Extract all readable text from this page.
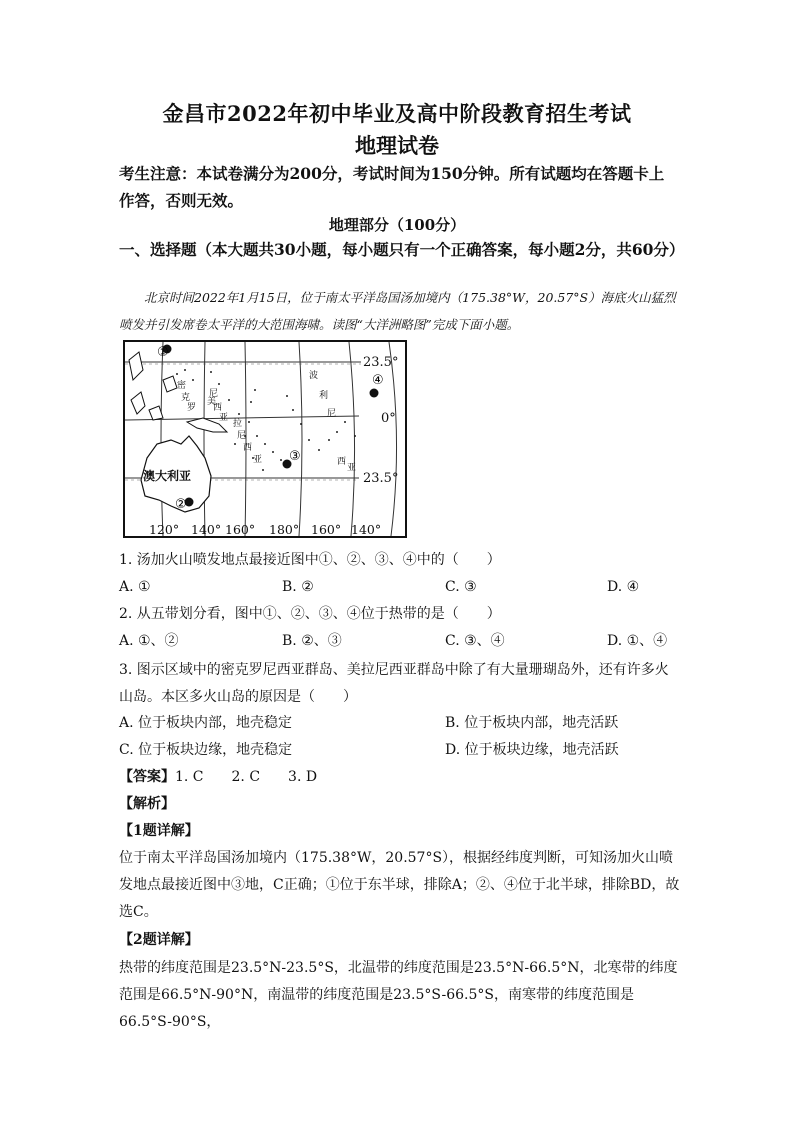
金昌市2022年初中毕业及高中阶段教育招生考试
地理试卷
考生注意：本试卷满分为200分，考试时间为150分钟。所有试题均在答题卡上作答，否则无效。
地理部分（100分）
一、选择题（本大题共30小题，每小题只有一个正确答案，每小题2分，共60分）
北京时间2022年1月15日，位于南太平洋岛国汤加境内（175.38°W，20.57°S）海底火山猛烈喷发并引发席卷太平洋的大范围海啸。读图“大洋洲略图”完成下面小题。
澳大利亚
密
克
罗
尼
西
亚
美
拉
尼
西
亚
波
利
尼
西
亚
23.5°
0°
23.5°
120° 140° 160° 180° 160° 140°
①
②
③
④
1. 汤加火山喷发地点最接近图中①、②、③、④中的（　　）
A. ①	B. ②	C. ③	D. ④
2. 从五带划分看，图中①、②、③、④位于热带的是（　　）
A. ①、②	B. ②、③	C. ③、④	D. ①、④
3. 图示区域中的密克罗尼西亚群岛、美拉尼西亚群岛中除了有大量珊瑚岛外，还有许多火山岛。本区多火山岛的原因是（　　）
A. 位于板块内部，地壳稳定	B. 位于板块内部，地壳活跃
C. 位于板块边缘，地壳稳定	D. 位于板块边缘，地壳活跃
【答案】1. C　　2. C　　3. D
【解析】
【1题详解】
位于南太平洋岛国汤加境内（175.38°W，20.57°S），根据经纬度判断，可知汤加火山喷发地点最接近图中③地，C正确；①位于东半球，排除A；②、④位于北半球，排除BD，故选C。
【2题详解】
热带的纬度范围是23.5°N-23.5°S，北温带的纬度范围是23.5°N-66.5°N，北寒带的纬度范围是66.5°N-90°N，南温带的纬度范围是23.5°S-66.5°S，南寒带的纬度范围是66.5°S-90°S，
